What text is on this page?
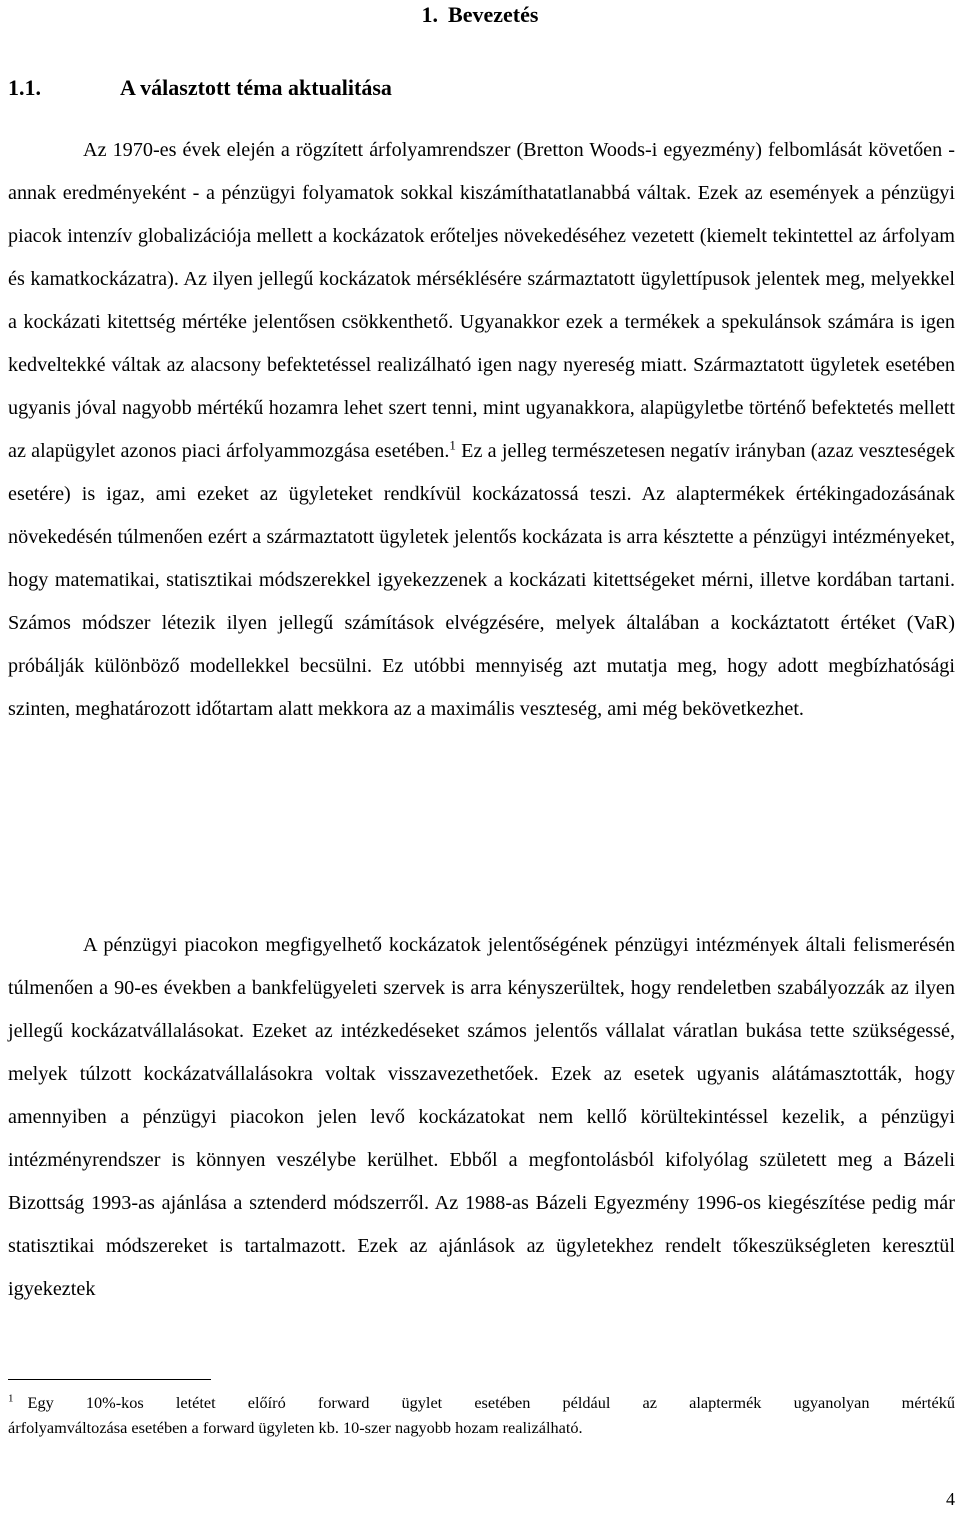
1. Bevezetés
1.1.	A választott téma aktualitása

Az 1970-es évek elején a rögzített árfolyamrendszer (Bretton Woods-i egyezmény) felbomlását követően - annak eredményeként - a pénzügyi folyamatok sokkal kiszámíthatatlanabbá váltak. Ezek az események a pénzügyi piacok intenzív globalizációja mellett a kockázatok erőteljes növekedéséhez vezetett (kiemelt tekintettel az árfolyam és kamatkockázatra). Az ilyen jellegű kockázatok mérséklésére származtatott ügylettípusok jelentek meg, melyekkel a kockázati kitettség mértéke jelentősen csökkenthető. Ugyanakkor ezek a termékek a spekulánsok számára is igen kedveltekké váltak az alacsony befektetéssel realizálható igen nagy nyereség miatt. Származtatott ügyletek esetében ugyanis jóval nagyobb mértékű hozamra lehet szert tenni, mint ugyanakkora, alapügyletbe történő befektetés mellett az alapügylet azonos piaci árfolyammozgása esetében.$^1$ Ez a jelleg természetesen negatív irányban (azaz veszteségek esetére) is igaz, ami ezeket az ügyleteket rendkívül kockázatossá teszi. Az alaptermékek értékingadozásának növekedésén túlmenően ezért a származtatott ügyletek jelentős kockázata is arra késztette a pénzügyi intézményeket, hogy matematikai, statisztikai módszerekkel igyekezzenek a kockázati kitettségeket mérni, illetve kordában tartani. Számos módszer létezik ilyen jellegű számítások elvégzésére, melyek általában a kockáztatott értéket (VaR) próbálják különböző modellekkel becsülni. Ez utóbbi mennyiség azt mutatja meg, hogy adott megbízhatósági szinten, meghatározott időtartam alatt mekkora az a maximális veszteség, ami még bekövetkezhet.

A pénzügyi piacokon megfigyelhető kockázatok jelentőségének pénzügyi intézmények általi felismerésén túlmenően a 90-es években a bankfelügyeleti szervek is arra kényszerültek, hogy rendeletben szabályozzák az ilyen jellegű kockázatvállalásokat. Ezeket az intézkedéseket számos jelentős vállalat váratlan bukása tette szükségessé, melyek túlzott kockázatvállalásokra voltak visszavezethetőek. Ezek az esetek ugyanis alátámasztották, hogy amennyiben a pénzügyi piacokon jelen levő kockázatokat nem kellő körültekintéssel kezelik, a pénzügyi intézményrendszer is könnyen veszélybe kerülhet. Ebből a megfontolásból kifolyólag született meg a Bázeli Bizottság 1993-as ajánlása a sztenderd módszerről. Az 1988-as Bázeli Egyezmény 1996-os kiegészítése pedig már statisztikai módszereket is tartalmazott. Ezek az ajánlások az ügyletekhez rendelt tőkeszükségleten keresztül igyekeztek

$^1$ Egy 10%-kos letétet előíró forward ügylet esetében például az alaptermék ugyanolyan mértékű
árfolyamváltozása esetében a forward ügyleten kb. 10-szer nagyobb hozam realizálható.

4
